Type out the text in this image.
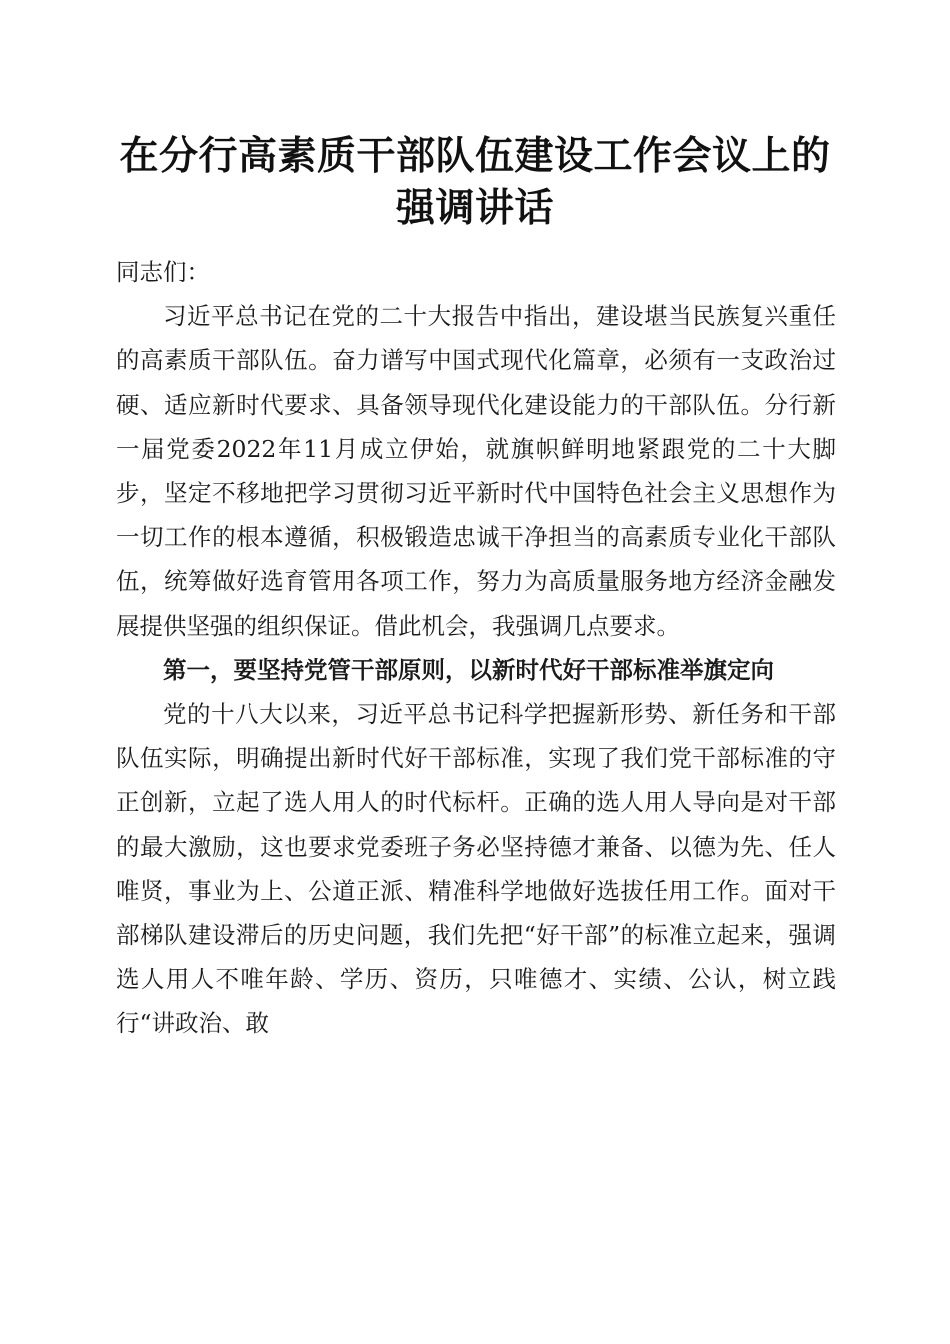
在分行高素质干部队伍建设工作会议上的强调讲话

同志们：

习近平总书记在党的二十大报告中指出，建设堪当民族复兴重任的高素质干部队伍。奋力谱写中国式现代化篇章，必须有一支政治过硬、适应新时代要求、具备领导现代化建设能力的干部队伍。分行新一届党委2022年11月成立伊始，就旗帜鲜明地紧跟党的二十大脚步，坚定不移地把学习贯彻习近平新时代中国特色社会主义思想作为一切工作的根本遵循，积极锻造忠诚干净担当的高素质专业化干部队伍，统筹做好选育管用各项工作，努力为高质量服务地方经济金融发展提供坚强的组织保证。借此机会，我强调几点要求。

第一，要坚持党管干部原则，以新时代好干部标准举旗定向

党的十八大以来，习近平总书记科学把握新形势、新任务和干部队伍实际，明确提出新时代好干部标准，实现了我们党干部标准的守正创新，立起了选人用人的时代标杆。正确的选人用人导向是对干部的最大激励，这也要求党委班子务必坚持德才兼备、以德为先、任人唯贤，事业为上、公道正派、精准科学地做好选拔任用工作。面对干部梯队建设滞后的历史问题，我们先把“好干部”的标准立起来，强调选人用人不唯年龄、学历、资历，只唯德才、实绩、公认，树立践行“讲政治、敢
